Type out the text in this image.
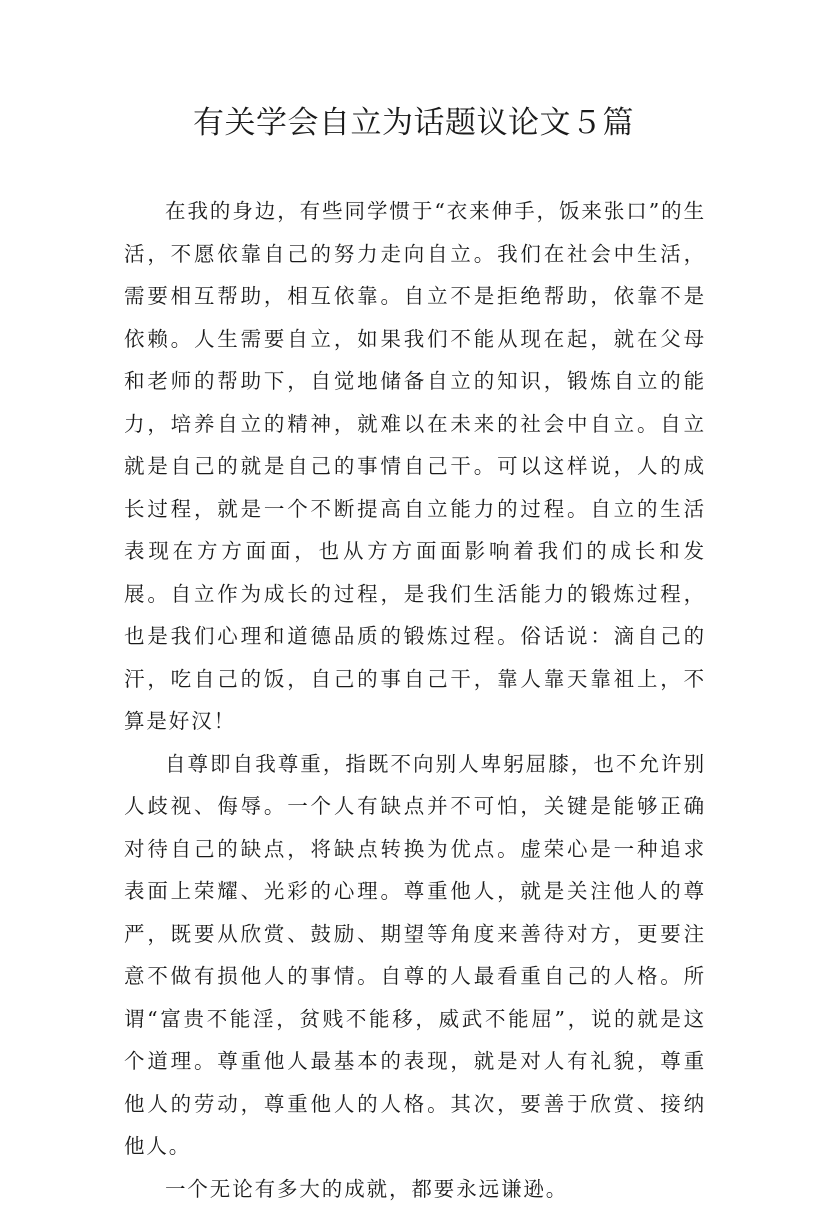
有关学会自立为话题议论文５篇

在我的身边，有些同学惯于“衣来伸手，饭来张口”的生活，不愿依靠自己的努力走向自立。我们在社会中生活，需要相互帮助，相互依靠。自立不是拒绝帮助，依靠不是依赖。人生需要自立，如果我们不能从现在起，就在父母和老师的帮助下，自觉地储备自立的知识，锻炼自立的能力，培养自立的精神，就难以在未来的社会中自立。自立就是自己的就是自己的事情自己干。可以这样说，人的成长过程，就是一个不断提高自立能力的过程。自立的生活表现在方方面面，也从方方面面影响着我们的成长和发展。自立作为成长的过程，是我们生活能力的锻炼过程，也是我们心理和道德品质的锻炼过程。俗话说：滴自己的汗，吃自己的饭，自己的事自己干，靠人靠天靠祖上，不算是好汉！

自尊即自我尊重，指既不向别人卑躬屈膝，也不允许别人歧视、侮辱。一个人有缺点并不可怕，关键是能够正确对待自己的缺点，将缺点转换为优点。虚荣心是一种追求表面上荣耀、光彩的心理。尊重他人，就是关注他人的尊严，既要从欣赏、鼓励、期望等角度来善待对方，更要注意不做有损他人的事情。自尊的人最看重自己的人格。所谓“富贵不能淫，贫贱不能移，威武不能屈”，说的就是这个道理。尊重他人最基本的表现，就是对人有礼貌，尊重他人的劳动，尊重他人的人格。其次，要善于欣赏、接纳他人。

一个无论有多大的成就，都要永远谦逊。
